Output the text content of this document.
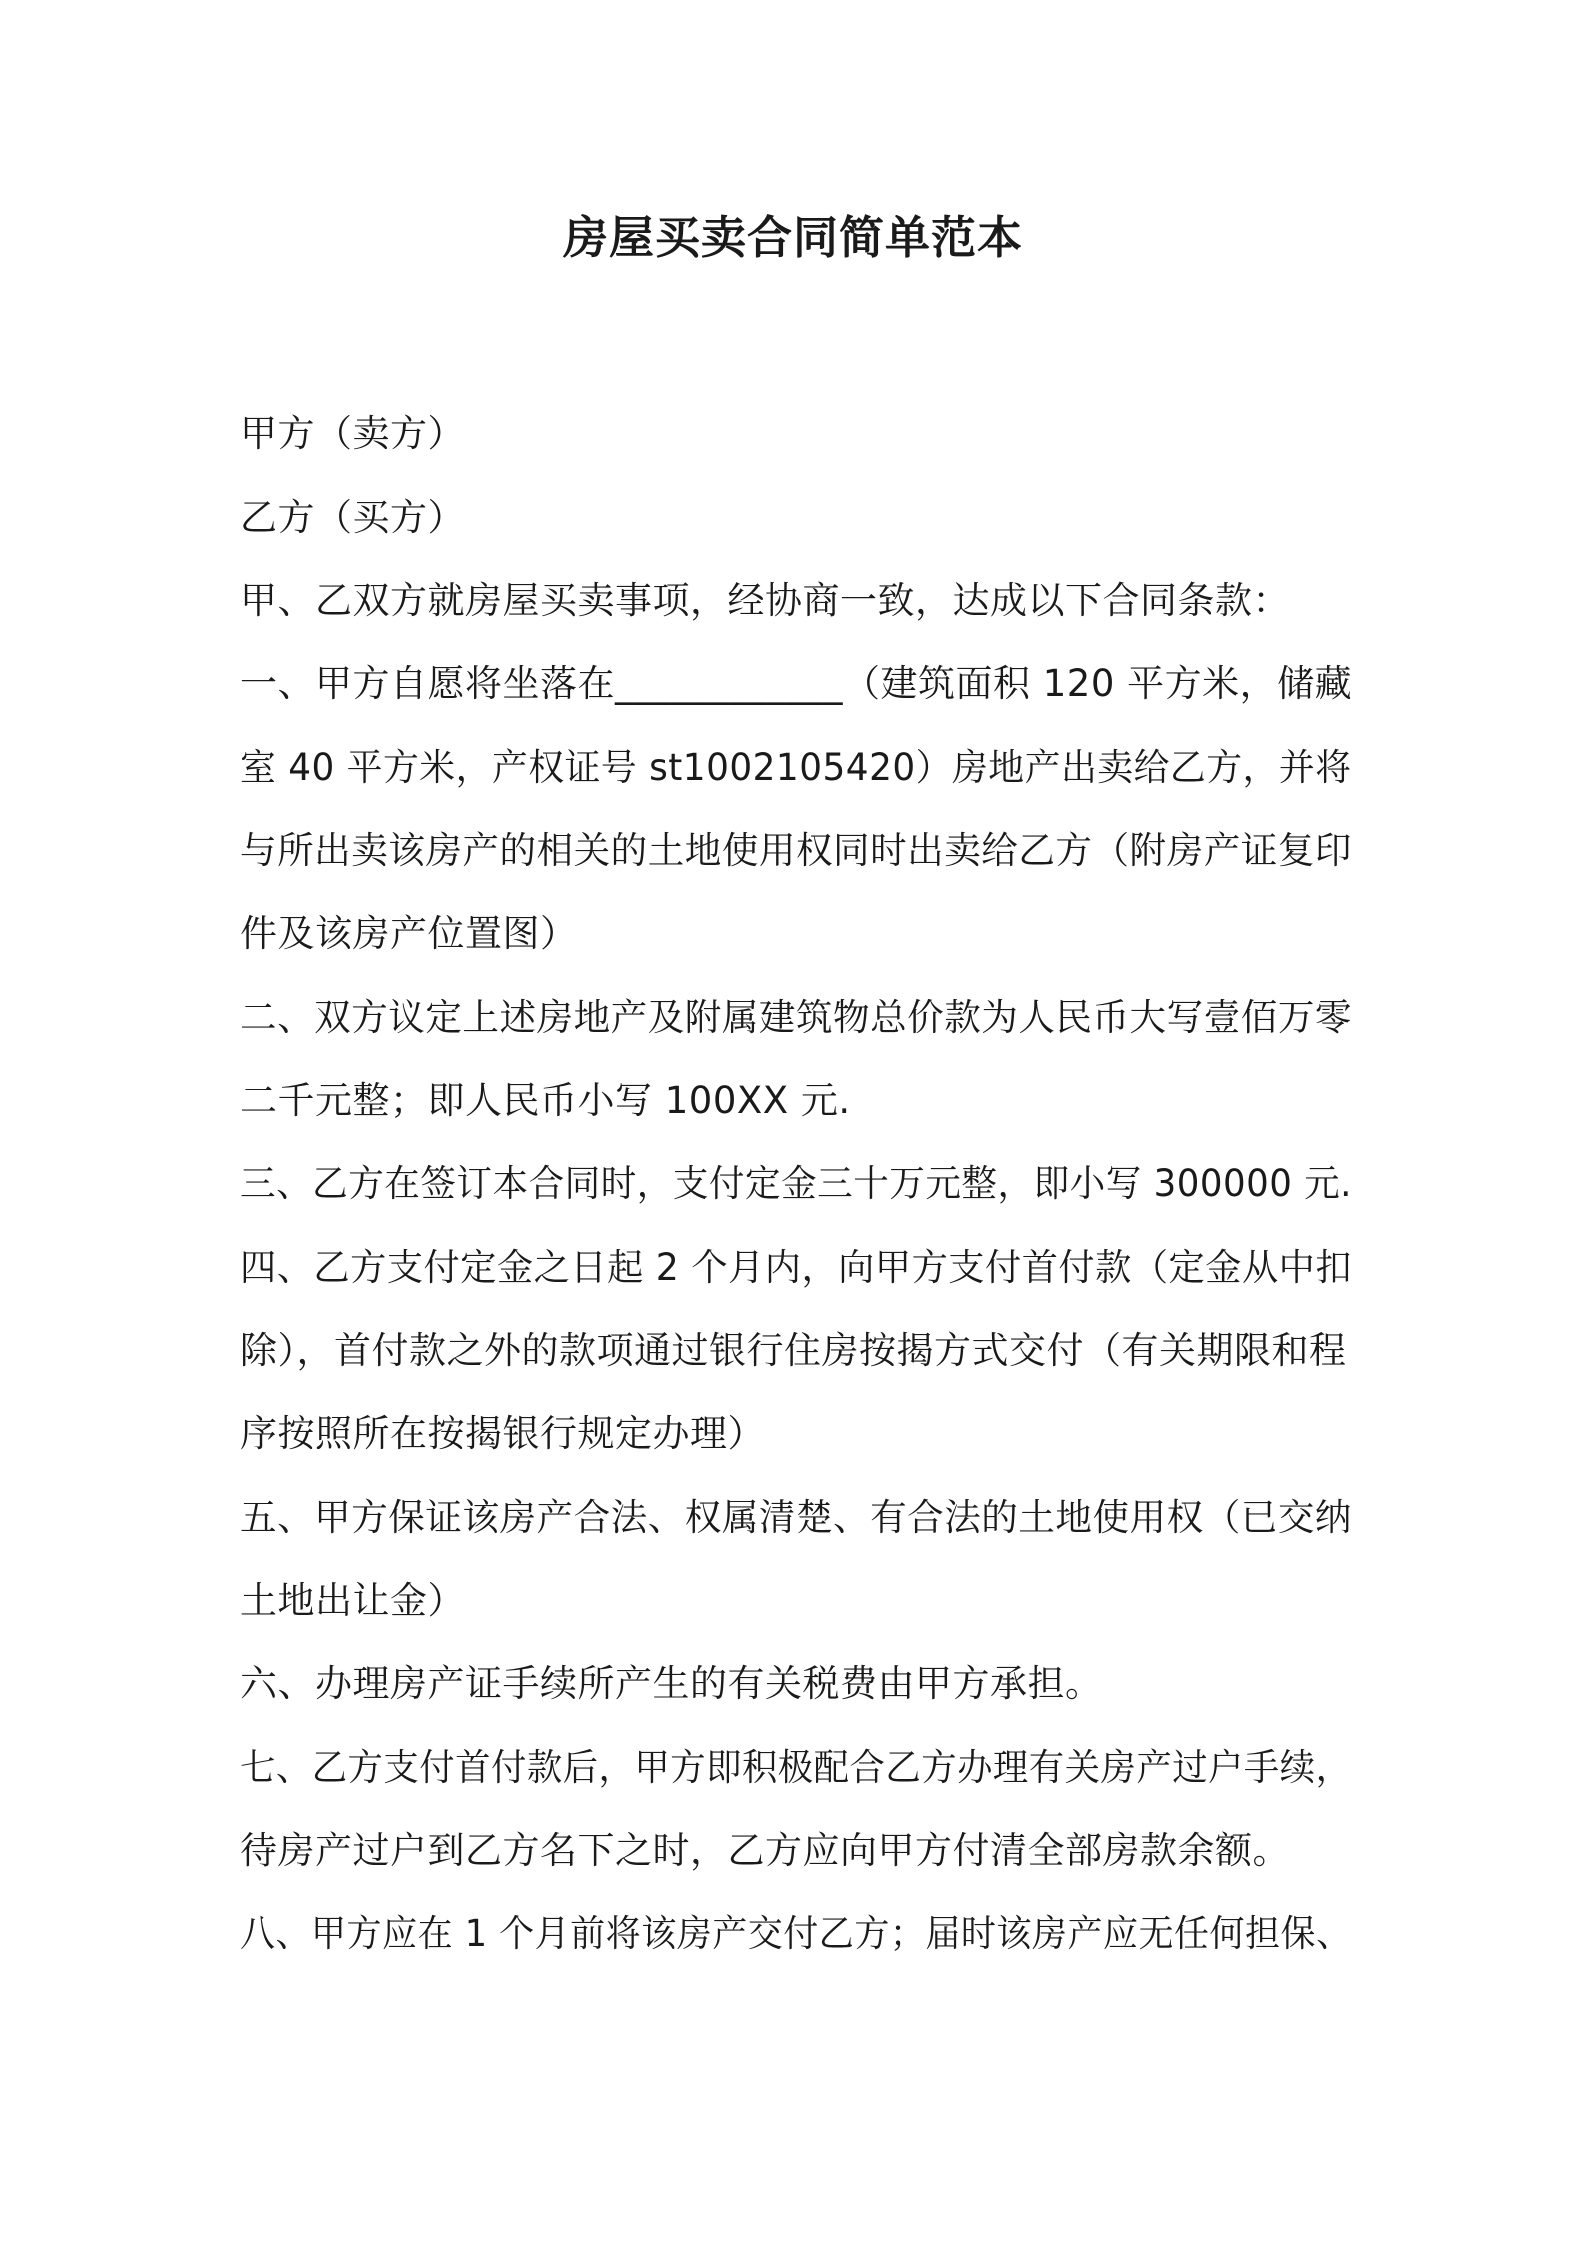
房屋买卖合同简单范本
甲方（卖方）
乙方（买方）
甲、乙双方就房屋买卖事项，经协商一致，达成以下合同条款：
一、甲方自愿将坐落在____________（建筑面积 120 平方米，储藏
室 40 平方米，产权证号 st1002105420）房地产出卖给乙方，并将
与所出卖该房产的相关的土地使用权同时出卖给乙方（附房产证复印
件及该房产位置图）
二、双方议定上述房地产及附属建筑物总价款为人民币大写壹佰万零
二千元整；即人民币小写 100XX 元.
三、乙方在签订本合同时，支付定金三十万元整，即小写 300000 元.
四、乙方支付定金之日起 2 个月内，向甲方支付首付款（定金从中扣
除），首付款之外的款项通过银行住房按揭方式交付（有关期限和程
序按照所在按揭银行规定办理）
五、甲方保证该房产合法、权属清楚、有合法的土地使用权（已交纳
土地出让金）
六、办理房产证手续所产生的有关税费由甲方承担。
七、乙方支付首付款后，甲方即积极配合乙方办理有关房产过户手续，
待房产过户到乙方名下之时，乙方应向甲方付清全部房款余额。
八、甲方应在 1 个月前将该房产交付乙方；届时该房产应无任何担保、
